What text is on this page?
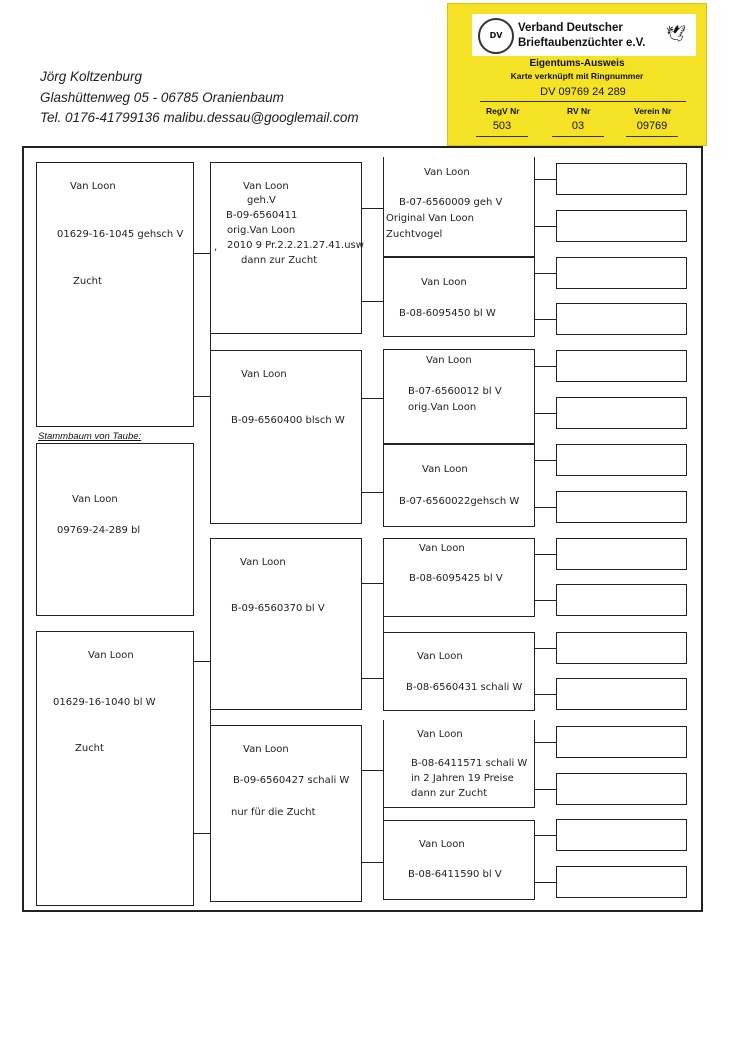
Jörg Koltzenburg
Glashüttenweg 05 - 06785 Oranienbaum
Tel. 0176-41799136 malibu.dessau@googlemail.com
DV
Verband Deutscher
Brieftaubenzüchter e.V. 🕊
Eigentums-Ausweis
Karte verknüpft mit Ringnummer
DV 09769 24 289
RegV Nr	RV Nr	Verein Nr
503	03	09769
Van Loon
01629-16-1045 gehsch V
Zucht
Stammbaum von Taube:
Van Loon
09769-24-289 bl
Van Loon
01629-16-1040 bl W
Zucht
Van Loon
geh.V
B-09-6560411
orig.Van Loon
, 2010 9 Pr.2.2.21.27.41.usw
dann zur Zucht
Van Loon
B-09-6560400 blsch W
Van Loon
B-09-6560370 bl V
Van Loon
B-09-6560427 schali W
nur für die Zucht
Van Loon
B-07-6560009 geh V
Original Van Loon
Zuchtvogel
Van Loon
B-08-6095450 bl W
Van Loon
B-07-6560012 bl V
orig.Van Loon
Van Loon
B-07-6560022gehsch W
Van Loon
B-08-6095425 bl V
Van Loon
B-08-6560431 schali W
Van Loon
B-08-6411571 schali W
in 2 Jahren 19 Preise
dann zur Zucht
Van Loon
B-08-6411590 bl V
